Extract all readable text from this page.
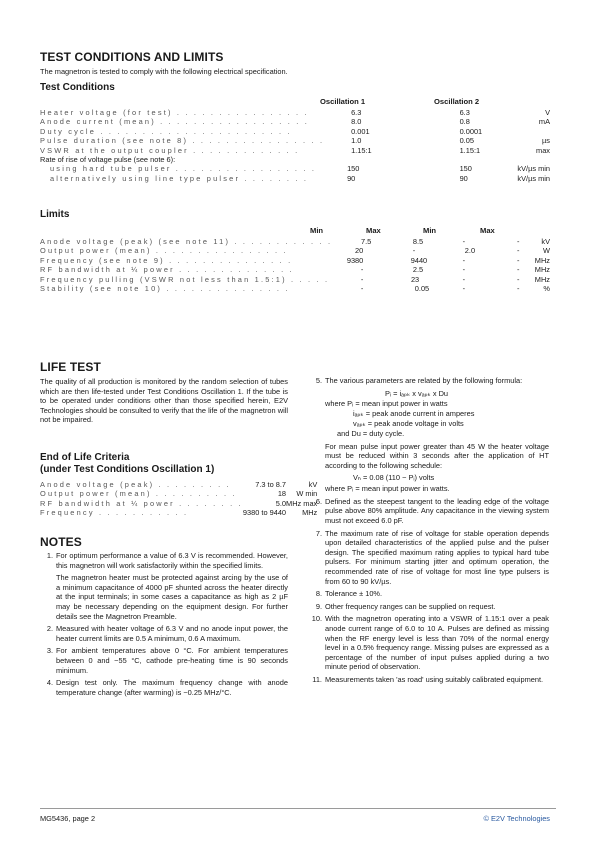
TEST CONDITIONS AND LIMITS
The magnetron is tested to comply with the following electrical specification.
Test Conditions
Oscillation 1	Oscillation 2
Heater voltage (for test) . . . . . . . . . . . . . . . .	6.3	6.3	V
Anode current (mean) . . . . . . . . . . . . . . . . . .	8.0	0.8	mA
Duty cycle . . . . . . . . . . . . . . . . . . . . . . .	0.001	0.0001	
Pulse duration (see note 8) . . . . . . . . . . . . . . . .	1.0	0.05	µs
VSWR at the output coupler . . . . . . . . . . . . .	1.15:1	1.15:1	max
Rate of rise of voltage pulse (see note 6):			
using hard tube pulser . . . . . . . . . . . . . . . . .	150	150	kV/µs min
alternatively using line type pulser . . . . . . . .	90	90	kV/µs min
Limits
Min	Max	Min	Max
Anode voltage (peak) (see note 11) . . . . . . . . . . . .	7.5	8.5	-	-	kV
Output power (mean) . . . . . . . . . . . . . . . .	20	-	2.0	-	W
Frequency (see note 9) . . . . . . . . . . . . . . .	9380	9440	-	-	MHz
RF bandwidth at ¼ power . . . . . . . . . . . . . .	-	2.5	-	-	MHz
Frequency pulling (VSWR not less than 1.5:1) . . . . .	-	23	-	-	MHz
Stability (see note 10) . . . . . . . . . . . . . . .	-	0.05	-	-	%
LIFE TEST
The quality of all production is monitored by the random selection of tubes which are then life-tested under Test Conditions Oscillation 1. If the tube is to be operated under conditions other than those specified herein, E2V Technologies should be consulted to verify that the life of the magnetron will not be impaired.
End of Life Criteria
(under Test Conditions Oscillation 1)
Anode voltage (peak) . . . . . . . . .	7.3 to 8.7	kV
Output power (mean) . . . . . . . . . .	18	W min
RF bandwidth at ¼ power . . . . . . . .	5.0	MHz max
Frequency . . . . . . . . . . .	9380 to 9440	MHz
NOTES
1. For optimum performance a value of 6.3 V is recommended. However, this magnetron will work satisfactorily within the specified limits.

The magnetron heater must be protected against arcing by the use of a minimum capacitance of 4000 pF shunted across the heater directly at the input terminals; in some cases a capacitance as high as 2 µF may be necessary depending on the equipment design. For further details see the Magnetron Preamble.

2. Measured with heater voltage of 6.3 V and no anode input power, the heater current limits are 0.5 A minimum, 0.6 A maximum.
3. For ambient temperatures above 0 °C. For ambient temperatures between 0 and −55 °C, cathode pre-heating time is 90 seconds minimum.
4. Design test only. The maximum frequency change with anode temperature change (after warming) is −0.25 MHz/°C.
5. The various parameters are related by the following formula:

Pᵢ = iₐₚₖ x vₐₚₖ x Du
where Pᵢ = mean input power in watts
iₐₚₖ = peak anode current in amperes
vₐₚₖ = peak anode voltage in volts
and Du = duty cycle.

For mean pulse input power greater than 45 W the heater voltage must be reduced within 3 seconds after the application of HT according to the following schedule:

Vₕ = 0.08 (110 − Pᵢ) volts
where Pᵢ = mean input power in watts.
6. Defined as the steepest tangent to the leading edge of the voltage pulse above 80% amplitude. Any capacitance in the viewing system must not exceed 6.0 pF.
7. The maximum rate of rise of voltage for stable operation depends upon detailed characteristics of the applied pulse and the pulser design. The specified maximum rating applies to typical hard tube pulsers. For minimum starting jitter and optimum operation, the recommended rate of rise of voltage for most line type pulsers is from 60 to 90 kV/µs.
8. Tolerance ± 10%.
9. Other frequency ranges can be supplied on request.
10. With the magnetron operating into a VSWR of 1.15:1 over a peak anode current range of 6.0 to 10 A. Pulses are defined as missing when the RF energy level is less than 70% of the normal energy level in a 0.5% frequency range. Missing pulses are expressed as a percentage of the number of input pulses applied during a two minute period of observation.
11. Measurements taken 'as road' using suitably calibrated equipment.
MG5436, page 2	© E2V Technologies
